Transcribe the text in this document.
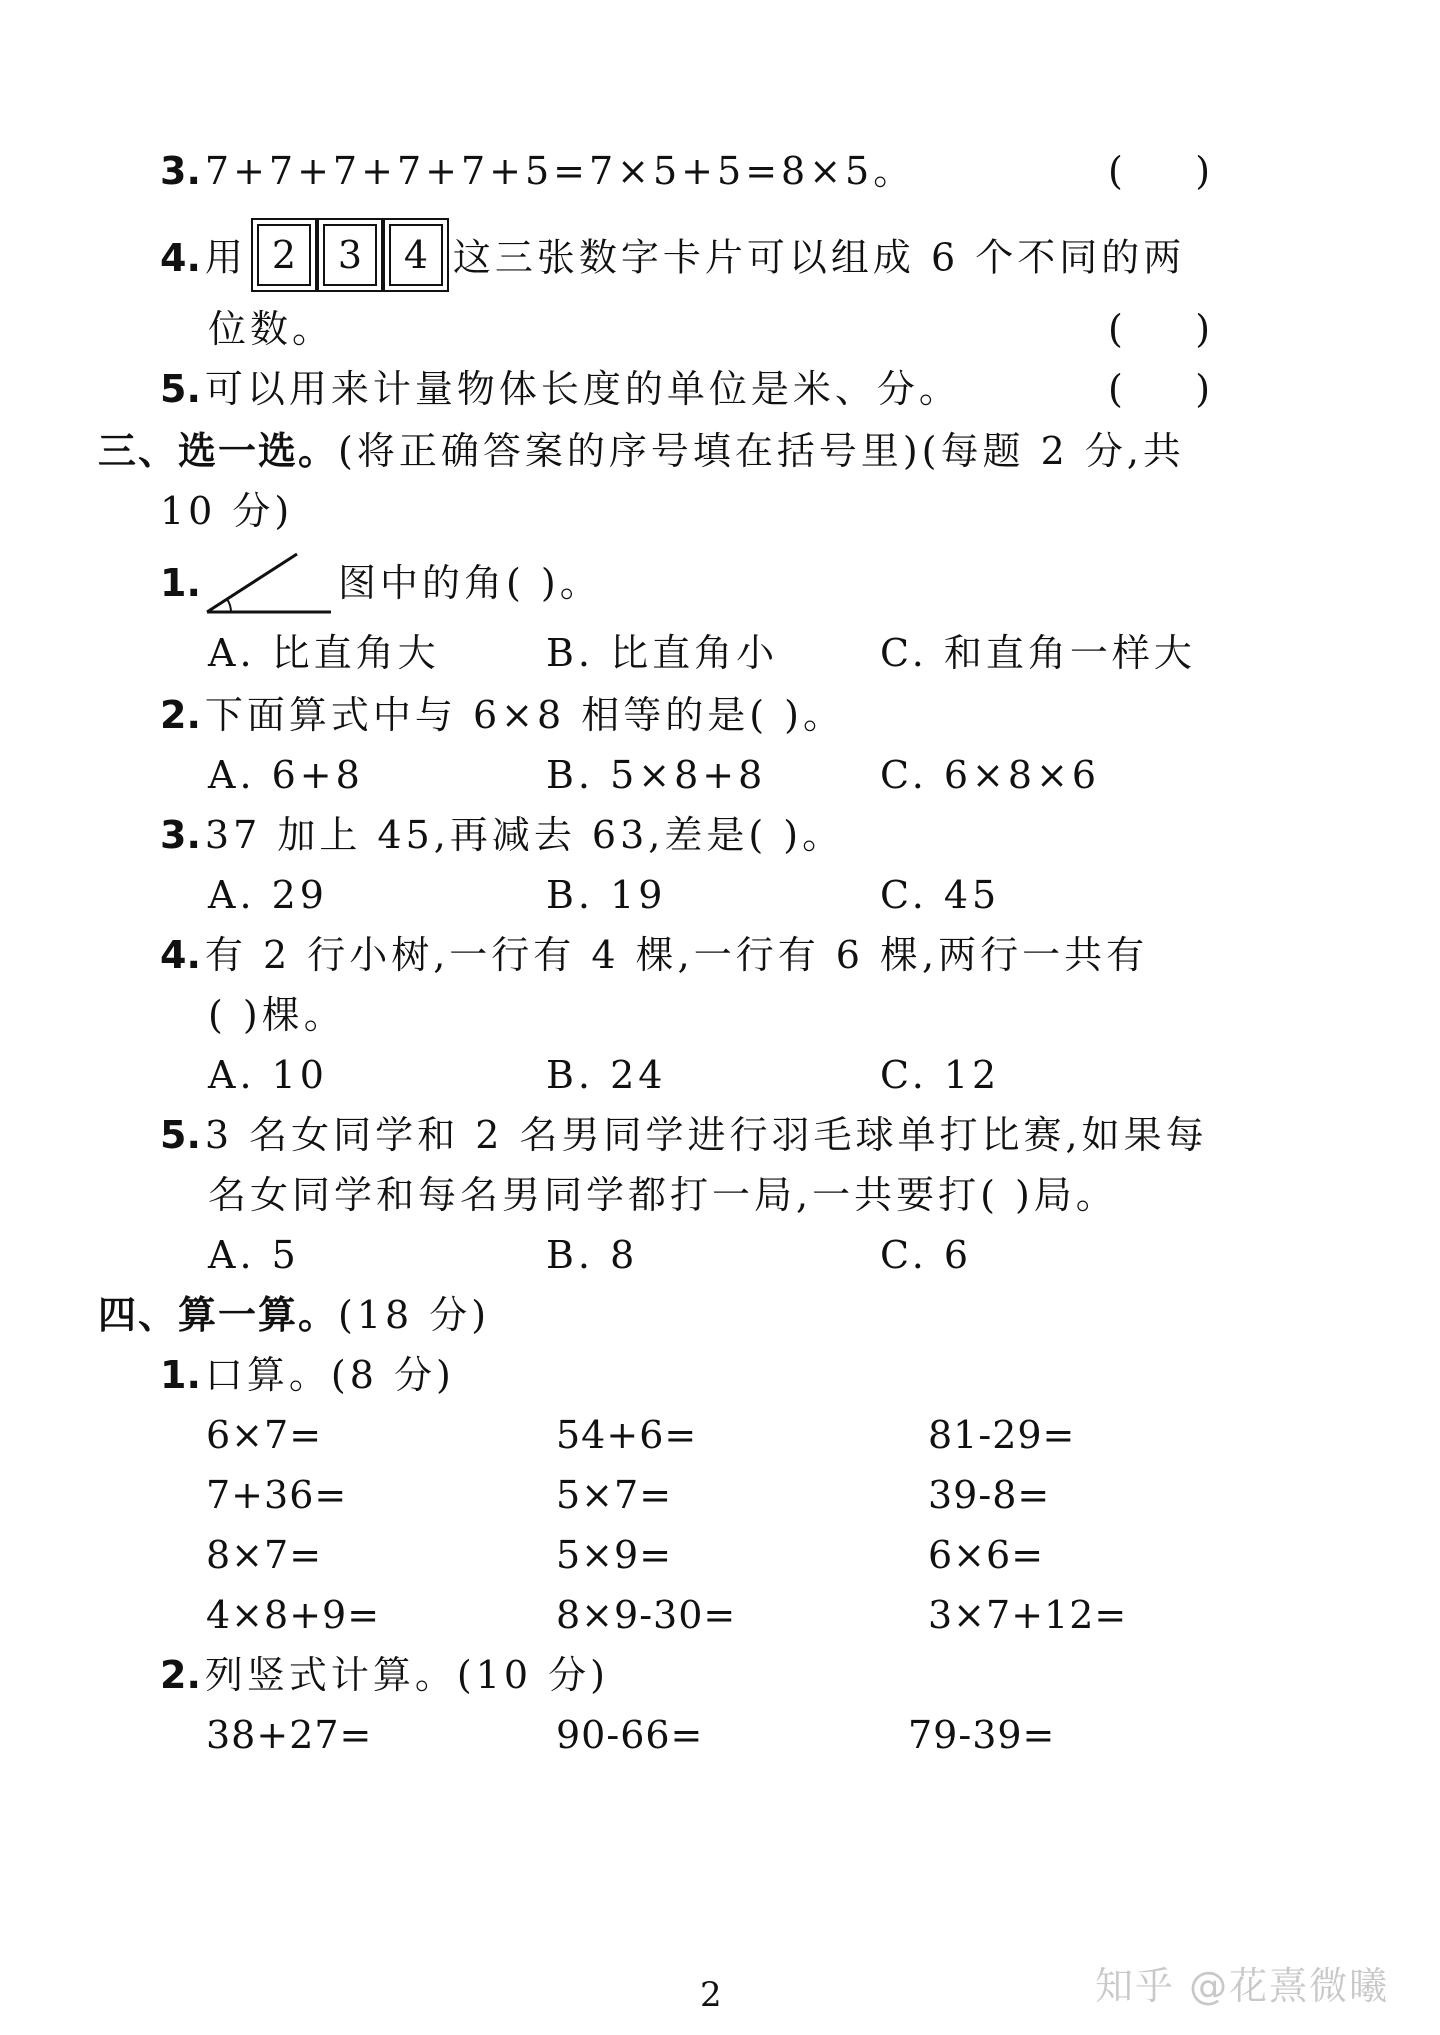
3. 7+7+7+7+7+5=7×5+5=8×5。	(      )
4. 用 2 3 4 这三张数字卡片可以组成 6 个不同的两
位数。	(      )
5. 可以用来计量物体长度的单位是米、分。	(      )
三、选一选。(将正确答案的序号填在括号里)(每题 2 分,共
10 分)
1.	图中的角( )。
A. 比直角大	B. 比直角小	C. 和直角一样大
2. 下面算式中与 6×8 相等的是( )。
A. 6+8	B. 5×8+8	C. 6×8×6
3. 37 加上 45,再减去 63,差是( )。
A. 29	B. 19	C. 45
4. 有 2 行小树,一行有 4 棵,一行有 6 棵,两行一共有
( )棵。
A. 10	B. 24	C. 12
5. 3 名女同学和 2 名男同学进行羽毛球单打比赛,如果每
名女同学和每名男同学都打一局,一共要打( )局。
A. 5	B. 8	C. 6
四、算一算。(18 分)
1. 口算。(8 分)
6×7=	54+6=	81-29=
7+36=	5×7=	39-8=
8×7=	5×9=	6×6=
4×8+9=	8×9-30=	3×7+12=
2. 列竖式计算。(10 分)
38+27=	90-66=	79-39=
2	知乎 @花熹微曦
